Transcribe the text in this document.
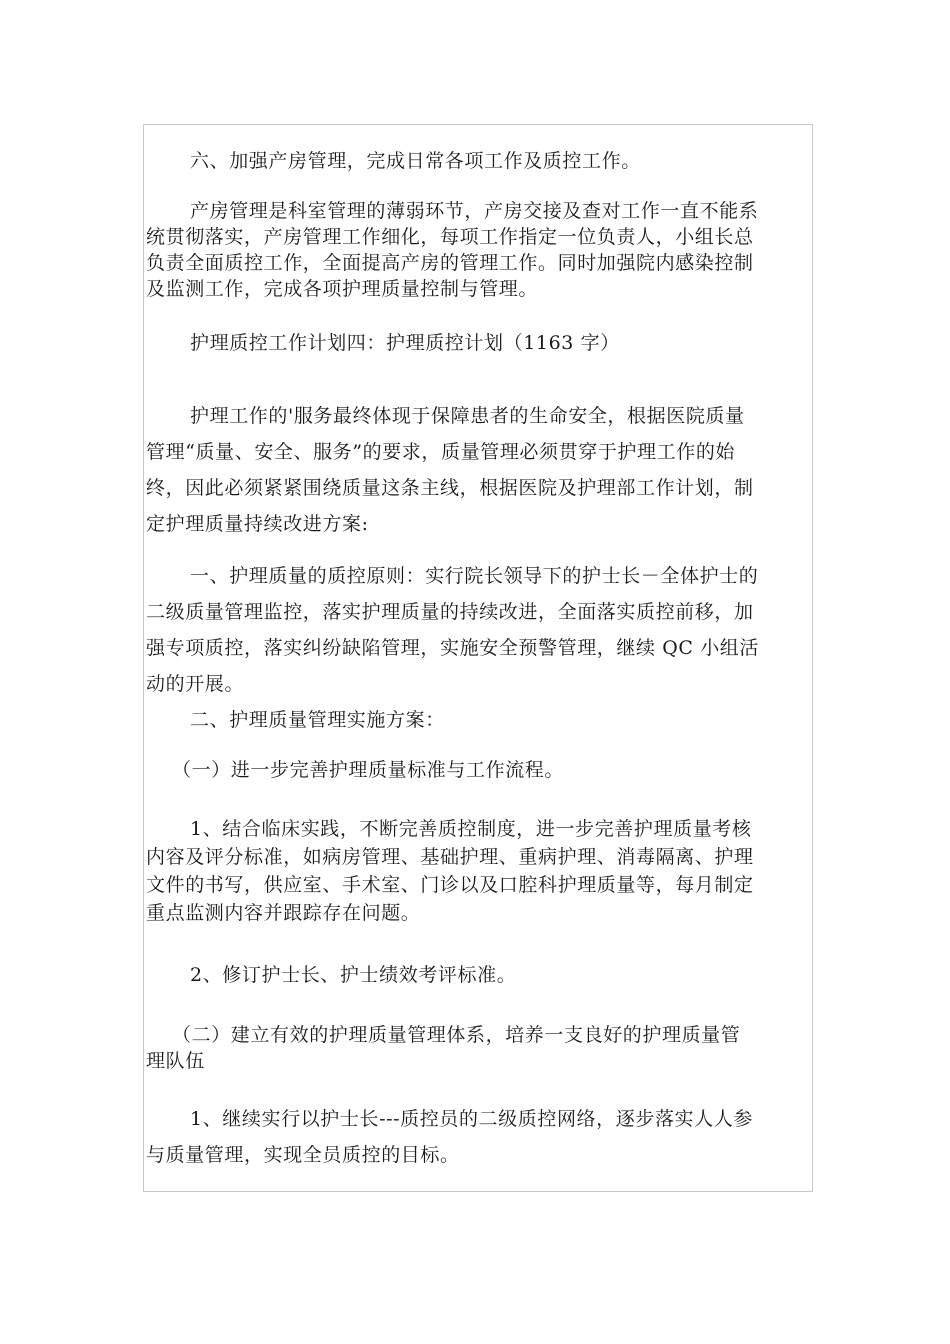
六、加强产房管理，完成日常各项工作及质控工作。
产房管理是科室管理的薄弱环节，产房交接及查对工作一直不能系
统贯彻落实，产房管理工作细化，每项工作指定一位负责人，小组长总
负责全面质控工作，全面提高产房的管理工作。同时加强院内感染控制
及监测工作，完成各项护理质量控制与管理。
护理质控工作计划四：护理质控计划（1163 字）
护理工作的'服务最终体现于保障患者的生命安全，根据医院质量
管理“质量、安全、服务”的要求，质量管理必须贯穿于护理工作的始
终，因此必须紧紧围绕质量这条主线，根据医院及护理部工作计划，制
定护理质量持续改进方案:
一、护理质量的质控原则：实行院长领导下的护士长－全体护士的
二级质量管理监控，落实护理质量的持续改进，全面落实质控前移，加
强专项质控，落实纠纷缺陷管理，实施安全预警管理，继续 QC 小组活
动的开展。
二、护理质量管理实施方案：
（一）进一步完善护理质量标准与工作流程。
1、结合临床实践，不断完善质控制度，进一步完善护理质量考核
内容及评分标准，如病房管理、基础护理、重病护理、消毒隔离、护理
文件的书写，供应室、手术室、门诊以及口腔科护理质量等，每月制定
重点监测内容并跟踪存在问题。
2、修订护士长、护士绩效考评标准。
（二）建立有效的护理质量管理体系，培养一支良好的护理质量管
理队伍
1、继续实行以护士长---质控员的二级质控网络，逐步落实人人参
与质量管理，实现全员质控的目标。
